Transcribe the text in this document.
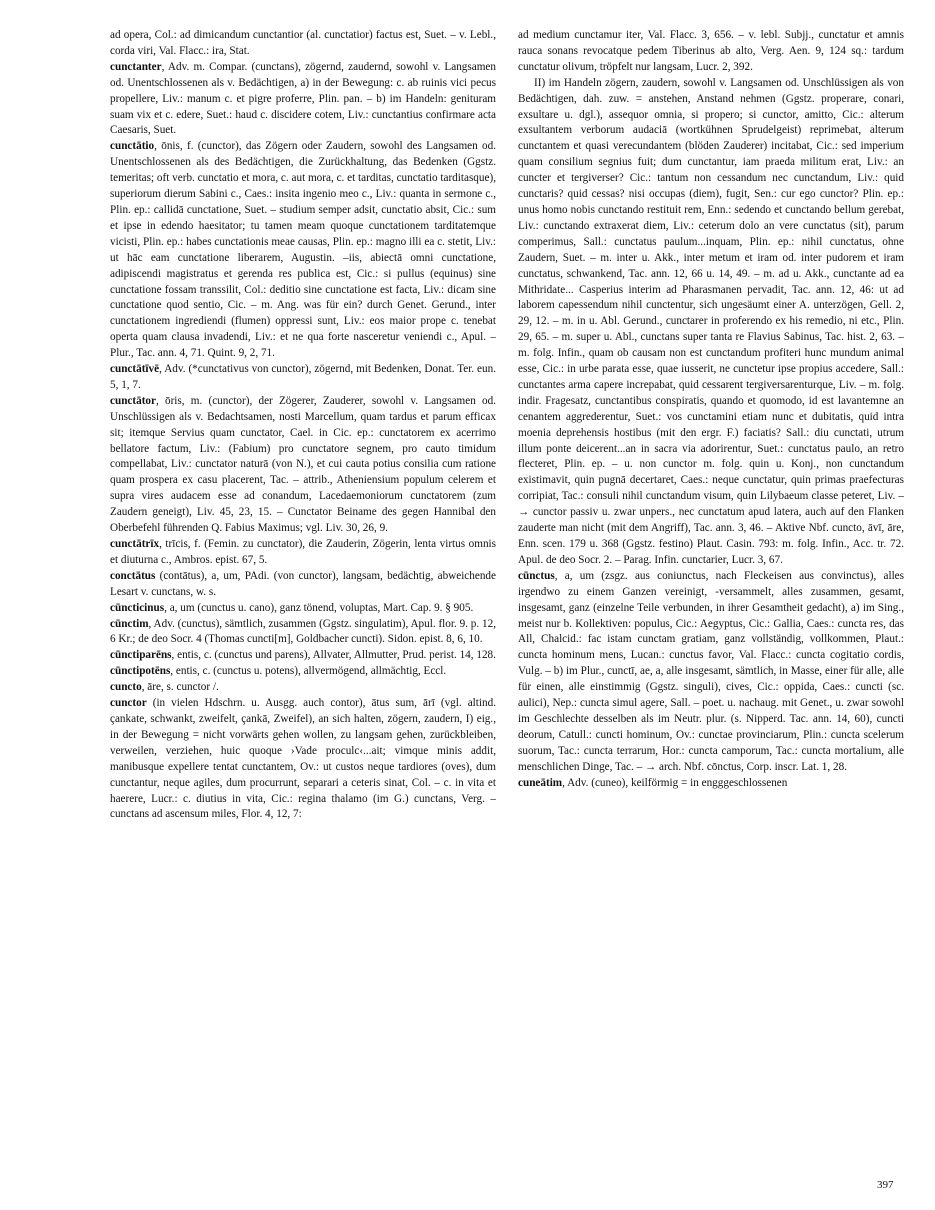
ad opera, Col.: ad dimicandum cunctantior (al. cunctatior) factus est, Suet. – v. Lebl., corda viri, Val. Flacc.: ira, Stat.

cunctanter, Adv. m. Compar. (cunctans), zögernd, zaudernd, sowohl v. Langsamen od. Unentschlossenen als v. Bedächtigen, a) in der Bewegung: c. ab ruinis vici pecus propellere, Liv.: manum c. et pigre proferre, Plin. pan. – b) im Handeln: genituram suam vix et c. edere, Suet.: haud c. discidere cotem, Liv.: cunctantius confirmare acta Caesaris, Suet.

cunctātio, ōnis, f. (cunctor), das Zögern oder Zaudern, sowohl des Langsamen od. Unentschlossenen als des Bedächtigen, die Zurückhaltung, das Bedenken (Ggstz. temeritas; oft verb. cunctatio et mora, c. aut mora, c. et tarditas, cunctatio tarditasque), superiorum dierum Sabini c., Caes.: insita ingenio meo c., Liv.: quanta in sermone c., Plin. ep.: callidā cunctatione, Suet. – studium semper adsit, cunctatio absit, Cic.: sum et ipse in edendo haesitator; tu tamen meam quoque cunctationem tarditatemque vicisti, Plin. ep.: habes cunctationis meae causas, Plin. ep.: magno illi ea c. stetit, Liv.: ut hāc eam cunctatione liberarem, Augustin. –iis, abiectā omni cunctatione, adipiscendi magistratus et gerenda res publica est, Cic.: si pullus (equinus) sine cunctatione fossam transsilit, Col.: deditio sine cunctatione est facta, Liv.: dicam sine cunctatione quod sentio, Cic. – m. Ang. was für ein? durch Genet. Gerund., inter cunctationem ingrediendi (flumen) oppressi sunt, Liv.: eos maior prope c. tenebat operta quam clausa invadendi, Liv.: et ne qua forte nasceretur veniendi c., Apul. – Plur., Tac. ann. 4, 71. Quint. 9, 2, 71.

cunctātīvē, Adv. (*cunctativus von cunctor), zögernd, mit Bedenken, Donat. Ter. eun. 5, 1, 7.

cunctātor, ōris, m. (cunctor), der Zögerer, Zauderer, sowohl v. Langsamen od. Unschlüssigen als v. Bedachtsamen, nosti Marcellum, quam tardus et parum efficax sit; itemque Servius quam cunctator, Cael. in Cic. ep.: cunctatorem ex acerrimo bellatore factum, Liv.: (Fabium) pro cunctatore segnem, pro cauto timidum compellabat, Liv.: cunctator naturā (von N.), et cui cauta potius consilia cum ratione quam prospera ex casu placerent, Tac. – attrib., Atheniensium populum celerem et supra vires audacem esse ad conandum, Lacedaemoniorum cunctatorem (zum Zaudern geneigt), Liv. 45, 23, 15. – Cunctator Beiname des gegen Hannibal den Oberbefehl führenden Q. Fabius Maximus; vgl. Liv. 30, 26, 9.

cunctātrīx, trīcis, f. (Femin. zu cunctator), die Zauderin, Zögerin, lenta virtus omnis et diuturna c., Ambros. epist. 67, 5.

conctātus (contātus), a, um, PAdi. (von cunctor), langsam, bedächtig, abweichende Lesart v. cunctans, w. s.

cūncticinus, a, um (cunctus u. cano), ganz tönend, voluptas, Mart. Cap. 9. § 905.

cūnctim, Adv. (cunctus), sämtlich, zusammen (Ggstz. singulatim), Apul. flor. 9. p. 12, 6 Kr.; de deo Socr. 4 (Thomas cuncti[m], Goldbacher cuncti). Sidon. epist. 8, 6, 10.

cūnctiparēns, entis, c. (cunctus und parens), Allvater, Allmutter, Prud. perist. 14, 128.

cūnctipotēns, entis, c. (cunctus u. potens), allvermögend, allmächtig, Eccl.

cuncto, āre, s. cunctor /.

cunctor (in vielen Hdschrn. u. Ausgg. auch contor), ātus sum, ārī (vgl. altind. çankate, schwankt, zweifelt, çankā, Zweifel), an sich halten, zögern, zaudern, I) eig., in der Bewegung = nicht vorwärts gehen wollen, zu langsam gehen, zurückbleiben, verweilen, verziehen, huic quoque ›Vade proculc‹...ait; vimque minis addit, manibusque expellere tentat cunctantem, Ov.: ut custos neque tardiores (oves), dum cunctantur, neque agiles, dum procurrunt, separari a ceteris sinat, Col. – c. in vita et haerere, Lucr.: c. diutius in vita, Cic.: regina thalamo (im G.) cunctans, Verg. – cunctans ad ascensum miles, Flor. 4, 12, 7:

ad medium cunctamur iter, Val. Flacc. 3, 656. – v. lebl. Subjj., cunctatur et amnis rauca sonans revocatque pedem Tiberinus ab alto, Verg. Aen. 9, 124 sq.: tardum cunctatur olivum, tröpfelt nur langsam, Lucr. 2, 392.

II) im Handeln zögern, zaudern, sowohl v. Langsamen od. Unschlüssigen als von Bedächtigen, dah. zuw. = anstehen, Anstand nehmen (Ggstz. properare, conari, exsultare u. dgl.), assequor omnia, si propero; si cunctor, amitto, Cic.: alterum exsultantem verborum audaciā (wortkühnen Sprudelgeist) reprimebat, alterum cunctantem et quasi verecundantem (blöden Zauderer) incitabat, Cic.: sed imperium quam consilium segnius fuit; dum cunctantur, iam praeda militum erat, Liv.: an cuncter et tergiverser? Cic.: tantum non cessandum nec cunctandum, Liv.: quid cunctaris? quid cessas? nisi occupas (diem), fugit, Sen.: cur ego cunctor? Plin. ep.: unus homo nobis cunctando restituit rem, Enn.: sedendo et cunctando bellum gerebat, Liv.: cunctando extraxerat diem, Liv.: ceterum dolo an vere cunctatus (sit), parum comperimus, Sall.: cunctatus paulum...inquam, Plin. ep.: nihil cunctatus, ohne Zaudern, Suet. – m. inter u. Akk., inter metum et iram od. inter pudorem et iram cunctatus, schwankend, Tac. ann. 12, 66 u. 14, 49. – m. ad u. Akk., cunctante ad ea Mithridate... Casperius interim ad Pharasmanen pervadit, Tac. ann. 12, 46: ut ad laborem capessendum nihil cunctentur, sich ungesäumt einer A. unterzögen, Gell. 2, 29, 12. – m. in u. Abl. Gerund., cunctarer in proferendo ex his remedio, ni etc., Plin. 29, 65. – m. super u. Abl., cunctans super tanta re Flavius Sabinus, Tac. hist. 2, 63. – m. folg. Infin., quam ob causam non est cunctandum profiteri hunc mundum animal esse, Cic.: in urbe parata esse, quae iusserit, ne cunctetur ipse propius accedere, Sall.: cunctantes arma capere increpabat, quid cessarent tergiversarenturque, Liv. – m. folg. indir. Fragesatz, cunctantibus conspiratis, quando et quomodo, id est lavantemne an cenantem aggrederentur, Suet.: vos cunctamini etiam nunc et dubitatis, quid intra moenia deprehensis hostibus (mit den ergr. F.) faciatis? Sall.: diu cunctati, utrum illum ponte deicerent...an in sacra via adorirentur, Suet.: cunctatus paulo, an retro flecteret, Plin. ep. – u. non cunctor m. folg. quin u. Konj., non cunctandum existimavit, quin pugnā decertaret, Caes.: neque cunctatur, quin primas praefecturas corripiat, Tac.: consuli nihil cunctandum visum, quin Lilybaeum classe peteret, Liv. – → cunctor passiv u. zwar unpers., nec cunctatum apud latera, auch auf den Flanken zauderte man nicht (mit dem Angriff), Tac. ann. 3, 46. – Aktive Nbf. cuncto, āvī, āre, Enn. scen. 179 u. 368 (Ggstz. festino) Plaut. Casin. 793: m. folg. Infin., Acc. tr. 72. Apul. de deo Socr. 2. – Parag. Infin. cunctarier, Lucr. 3, 67.

cūnctus, a, um (zsgz. aus coniunctus, nach Fleckeisen aus convinctus), alles irgendwo zu einem Ganzen vereinigt, -versammelt, alles zusammen, gesamt, insgesamt, ganz (einzelne Teile verbunden, in ihrer Gesamtheit gedacht), a) im Sing., meist nur b. Kollektiven: populus, Cic.: Aegyptus, Cic.: Gallia, Caes.: cuncta res, das All, Chalcid.: fac istam cunctam gratiam, ganz vollständig, vollkommen, Plaut.: cuncta hominum mens, Lucan.: cunctus favor, Val. Flacc.: cuncta cogitatio cordis, Vulg. – b) im Plur., cunctī, ae, a, alle insgesamt, sämtlich, in Masse, einer für alle, alle für einen, alle einstimmig (Ggstz. singuli), cives, Cic.: oppida, Caes.: cuncti (sc. aulici), Nep.: cuncta simul agere, Sall. – poet. u. nachaug. mit Genet., u. zwar sowohl im Geschlechte desselben als im Neutr. plur. (s. Nipperd. Tac. ann. 14, 60), cuncti deorum, Catull.: cuncti hominum, Ov.: cunctae provinciarum, Plin.: cuncta scelerum suorum, Tac.: cuncta terrarum, Hor.: cuncta camporum, Tac.: cuncta mortalium, alle menschlichen Dinge, Tac. – → arch. Nbf. cōnctus, Corp. inscr. Lat. 1, 28.

cuneātim, Adv. (cuneo), keilförmig = in engggeschlossenen

397
